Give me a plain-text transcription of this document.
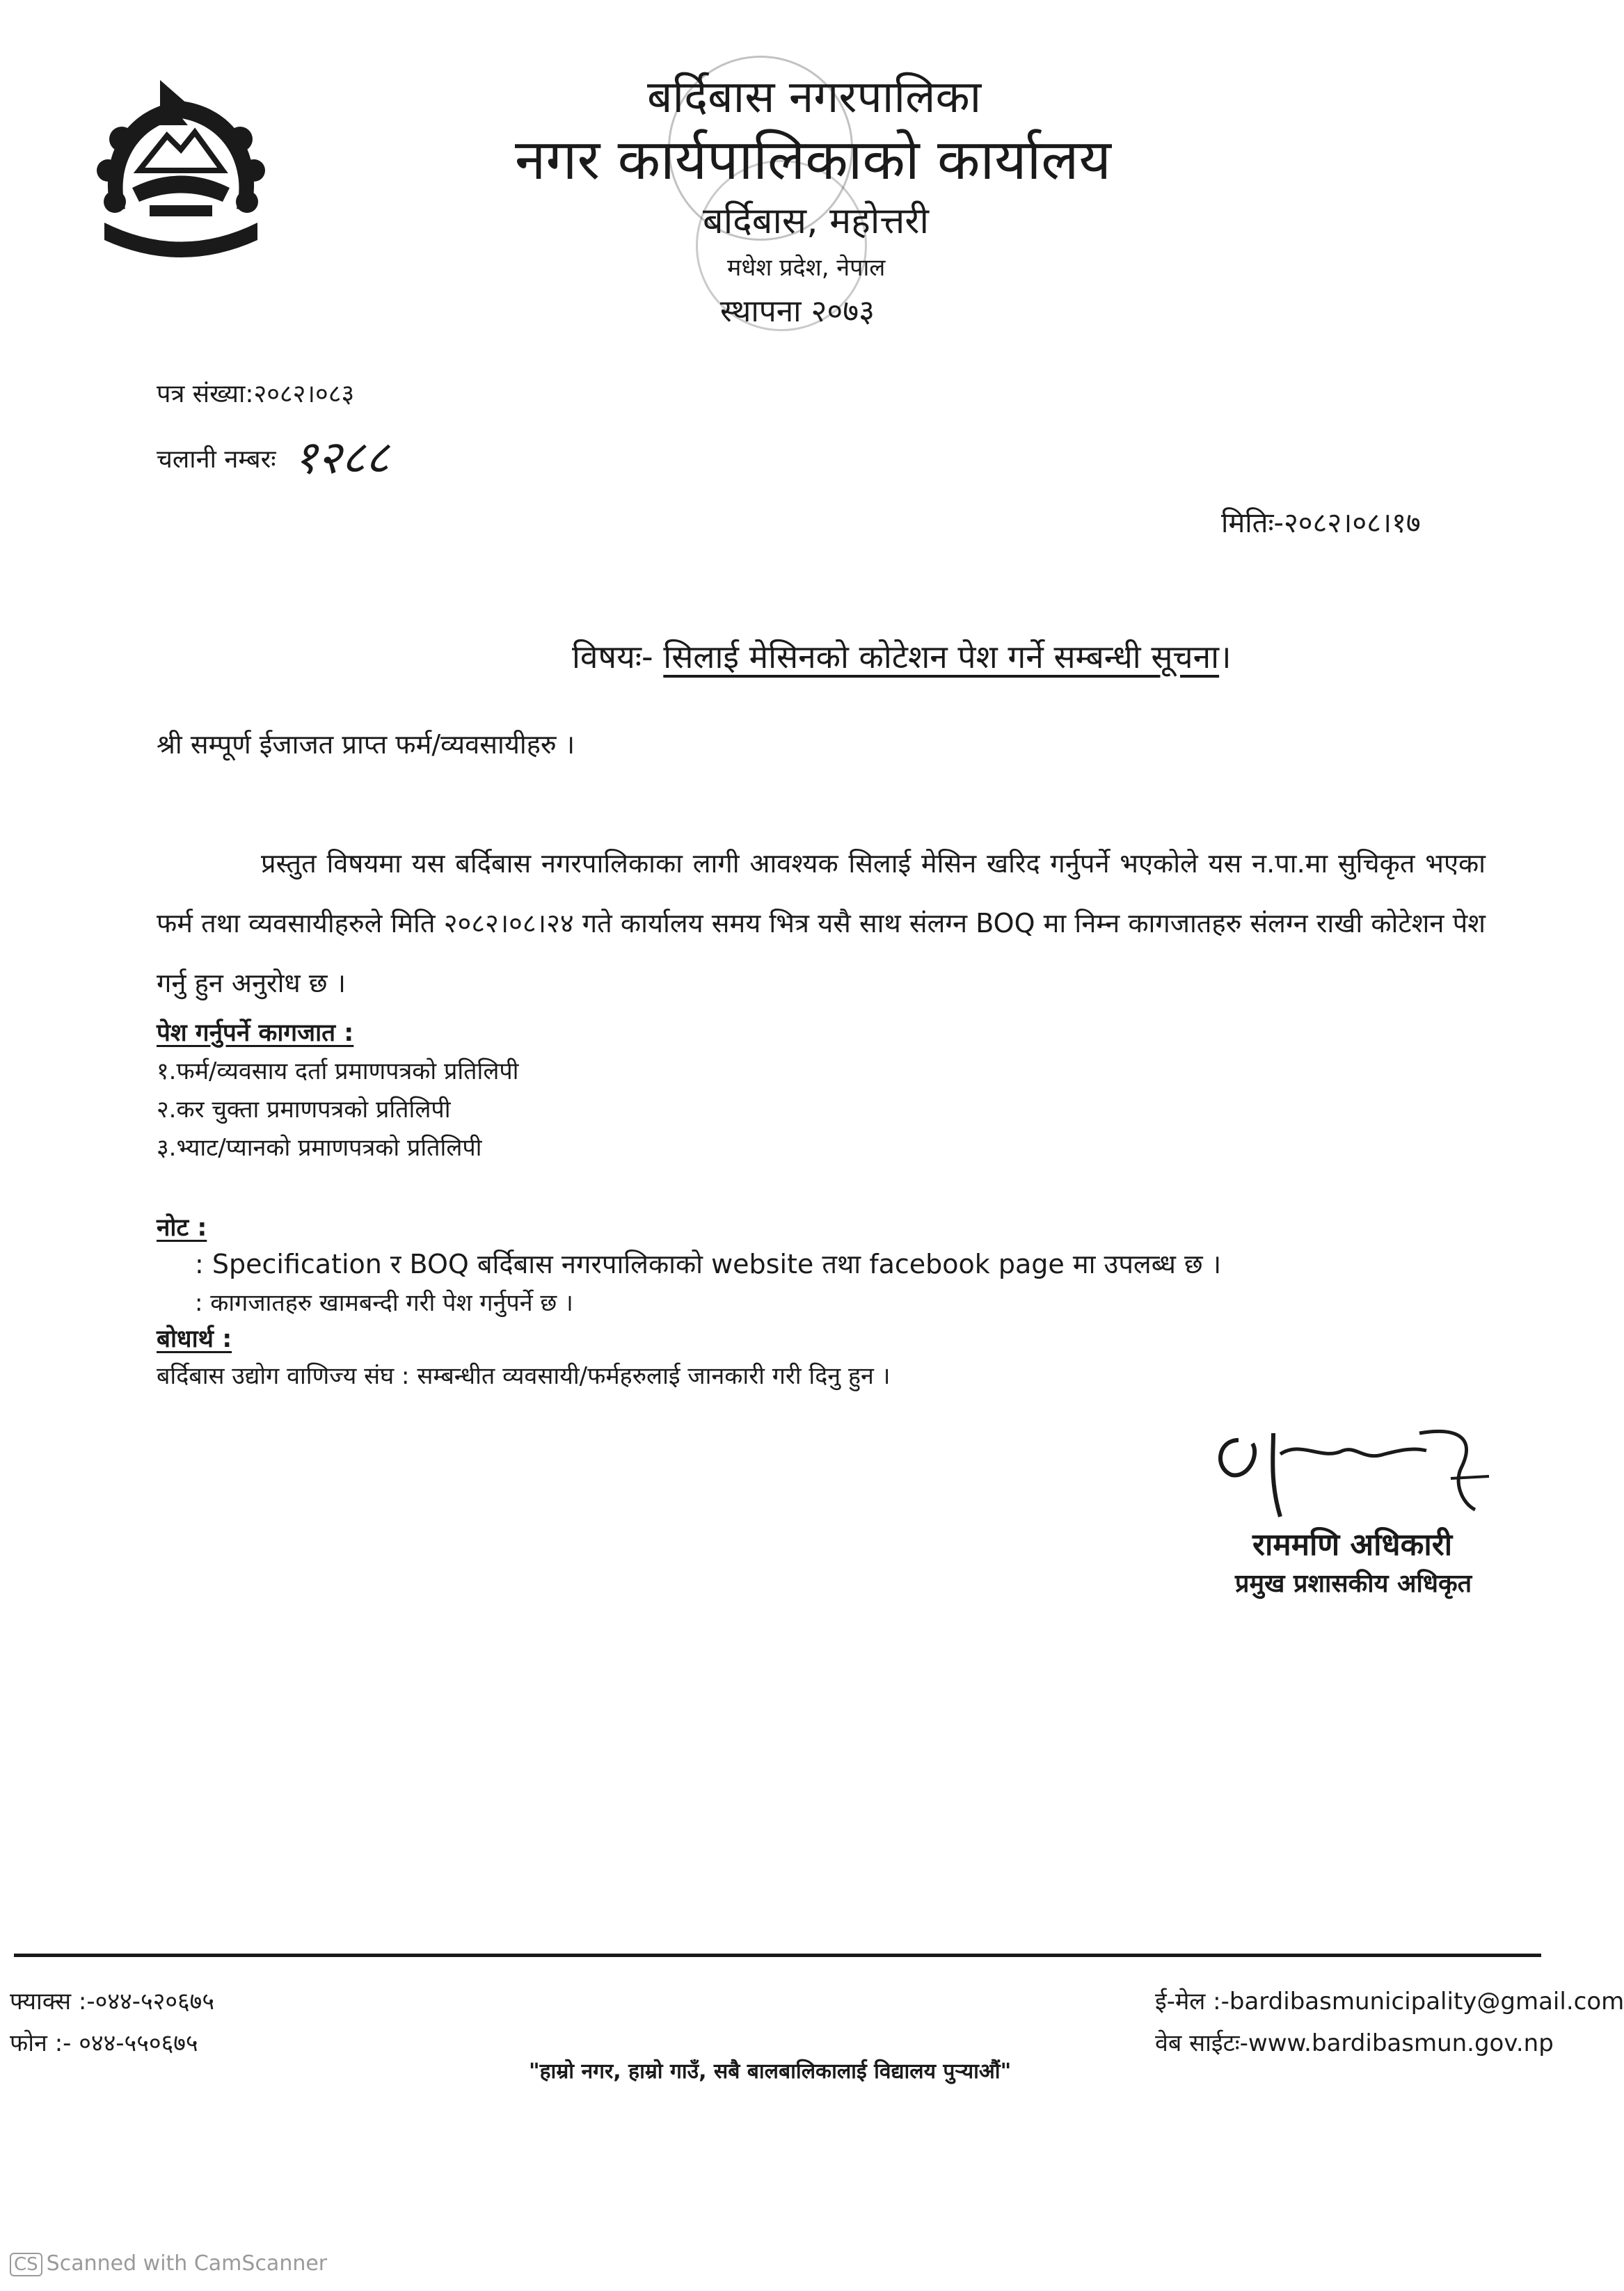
बर्दिबास नगरपालिका
नगर कार्यपालिकाको कार्यालय
बर्दिबास, महोत्तरी
मधेश प्रदेश, नेपाल
स्थापना २०७३
पत्र संख्या:२०८२।०८३
चलानी नम्बरः १२८८
मितिः-२०८२।०८।१७
विषयः- सिलाई मेसिनको कोटेशन पेश गर्ने सम्बन्धी सूचना।
श्री सम्पूर्ण ईजाजत प्राप्त फर्म/व्यवसायीहरु ।

प्रस्तुत विषयमा यस बर्दिबास नगरपालिकाका लागी आवश्यक सिलाई मेसिन खरिद गर्नुपर्ने भएकोले यस न.पा.मा सुचिकृत भएका फर्म तथा व्यवसायीहरुले मिति २०८२।०८।२४ गते कार्यालय समय भित्र यसै साथ संलग्न BOQ मा निम्न कागजातहरु संलग्न राखी कोटेशन पेश गर्नु हुन अनुरोध छ ।

पेश गर्नुपर्ने कागजात :
१.फर्म/व्यवसाय दर्ता प्रमाणपत्रको प्रतिलिपी
२.कर चुक्ता प्रमाणपत्रको प्रतिलिपी
३.भ्याट/प्यानको प्रमाणपत्रको प्रतिलिपी
नोट :
: Specification र BOQ बर्दिबास नगरपालिकाको website तथा facebook page मा उपलब्ध छ ।
: कागजातहरु खामबन्दी गरी पेश गर्नुपर्ने छ ।
बोधार्थ :
बर्दिबास उद्योग वाणिज्य संघ : सम्बन्धीत व्यवसायी/फर्महरुलाई जानकारी गरी दिनु हुन ।
राममणि अधिकारी
प्रमुख प्रशासकीय अधिकृत
फ्याक्स :-०४४-५२०६७५
फोन :- ०४४-५५०६७५
ई-मेल :-bardibasmunicipality@gmail.com
वेब साईटः-www.bardibasmun.gov.np
"हाम्रो नगर, हाम्रो गाउँ, सबै बालबालिकालाई विद्यालय पुऱ्याऔं"
CS Scanned with CamScanner
